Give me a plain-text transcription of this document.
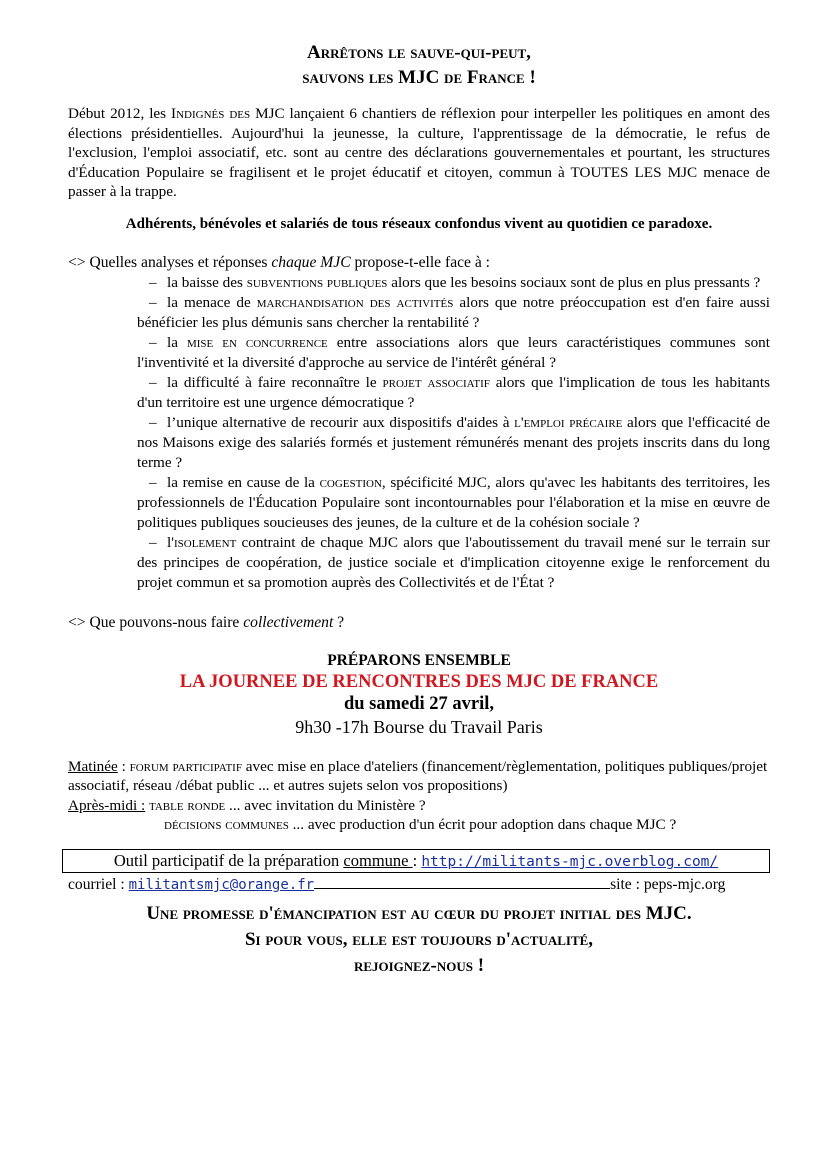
Arrêtons le sauve-qui-peut,
sauvons les MJC de France !

Début 2012, les Indignés des MJC lançaient 6 chantiers de réflexion pour interpeller les politiques en amont des élections présidentielles. Aujourd'hui la jeunesse, la culture, l'apprentissage de la démocratie, le refus de l'exclusion, l'emploi associatif, etc. sont au centre des déclarations gouvernementales et pourtant, les structures d'Éducation Populaire se fragilisent et le projet éducatif et citoyen, commun à TOUTES LES MJC menace de passer à la trappe.

Adhérents, bénévoles et salariés de tous réseaux confondus vivent au quotidien ce paradoxe.

<> Quelles analyses et réponses chaque MJC propose-t-elle face à :

– la baisse des subventions publiques alors que les besoins sociaux sont de plus en plus pressants ?

– la menace de marchandisation des activités alors que notre préoccupation est d'en faire aussi bénéficier les plus démunis sans chercher la rentabilité ?

– la mise en concurrence entre associations alors que leurs caractéristiques communes sont l'inventivité et la diversité d'approche au service de l'intérêt général ?

– la difficulté à faire reconnaître le projet associatif alors que l'implication de tous les habitants d'un territoire est une urgence démocratique ?

– l’unique alternative de recourir aux dispositifs d'aides à l'emploi précaire alors que l'efficacité de nos Maisons exige des salariés formés et justement rémunérés menant des projets inscrits dans du long terme ?

– la remise en cause de la cogestion, spécificité MJC, alors qu'avec les habitants des territoires, les professionnels de l'Éducation Populaire sont incontournables pour l'élaboration et la mise en œuvre de politiques publiques soucieuses des jeunes, de la culture et de la cohésion sociale ?

– l'isolement contraint de chaque MJC alors que l'aboutissement du travail mené sur le terrain sur des principes de coopération, de justice sociale et d'implication citoyenne exige le renforcement du projet commun et sa promotion auprès des Collectivités et de l'État ?

<> Que pouvons-nous faire collectivement ?

PRÉPARONS ENSEMBLE
LA JOURNEE DE RENCONTRES DES MJC DE FRANCE
du samedi 27 avril,
9h30 -17h Bourse du Travail Paris
Matinée : forum participatif avec mise en place d'ateliers (financement/règlementation, politiques publiques/projet associatif, réseau /débat public ... et autres sujets selon vos propositions)
Après-midi : table ronde ... avec invitation du Ministère ?
décisions communes ... avec production d'un écrit pour adoption dans chaque MJC ?
Outil participatif de la préparation commune : http://militants-mjc.overblog.com/
courriel : militantsmjc@orange.fr	site : peps-mjc.org
Une promesse d'émancipation est au cœur du projet initial des MJC.
Si pour vous, elle est toujours d'actualité,
rejoignez-nous !
